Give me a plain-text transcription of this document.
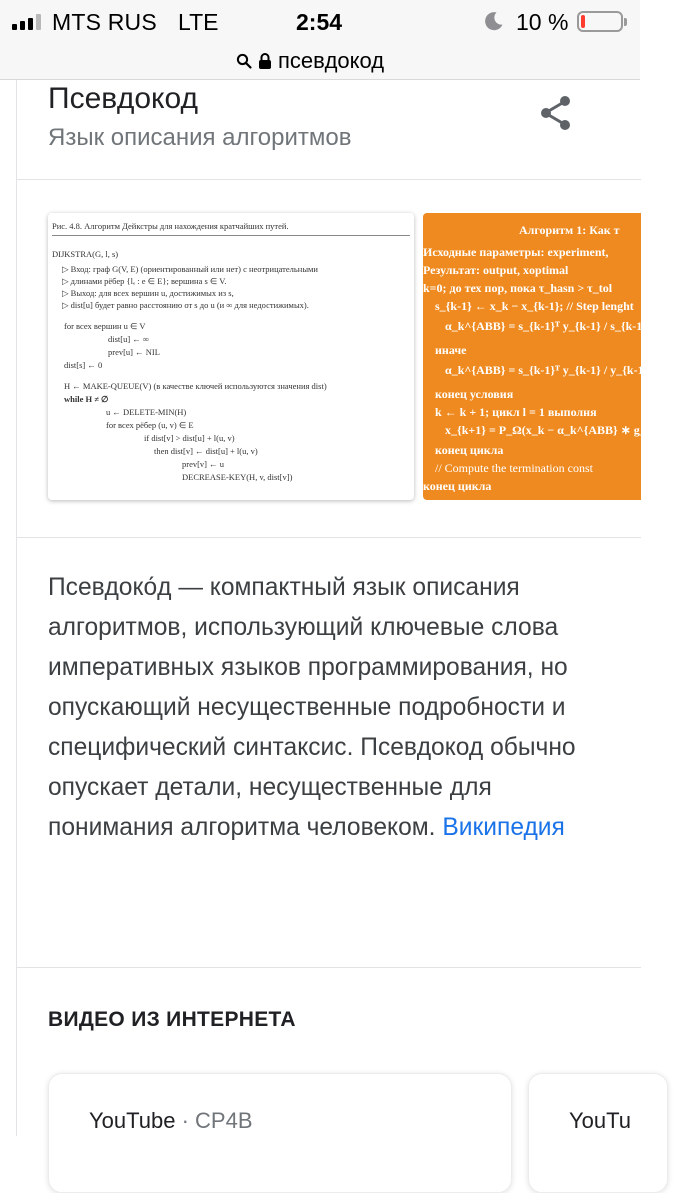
MTS RUS LTE	2:54	10 %
псевдокод
Псевдокод
Язык описания алгоритмов
Рис. 4.8. Алгоритм Дейкстры для нахождения кратчайших путей.
DIJKSTRA(G, l, s)
▷ Вход: граф G(V, E) (ориентированный или нет) с неотрицательными
▷ длинами рёбер {lₑ : e ∈ E}; вершина s ∈ V.
▷ Выход: для всех вершин u, достижимых из s,
▷ dist[u] будет равно расстоянию от s до u (и ∞ для недостижимых).
for всех вершин u ∈ V
dist[u] ← ∞
prev[u] ← NIL
dist[s] ← 0
H ← MAKE-QUEUE(V) (в качестве ключей используются значения dist)
while H ≠ ∅
u ← DELETE-MIN(H)
for всех рёбер (u, v) ∈ E
if dist[v] > dist[u] + l(u, v)
then dist[v] ← dist[u] + l(u, v)
prev[v] ← u
DECREASE-KEY(H, v, dist[v])
Алгоритм 1: Как т
Исходные параметры: experiment,
Результат: output, xoptimal
k=0; до тех пор, пока τ_hasn > τ_tol
s_{k-1} ← x_k − x_{k-1}; // Step lenght
α_k^{ABB} = s_{k-1}ᵀ y_{k-1} / s_{k-1}ᵀ s_{k-1}
иначе
α_k^{ABB} = s_{k-1}ᵀ y_{k-1} / y_{k-1}ᵀ y_{k-1}
конец условия
k ← k + 1; цикл l = 1 выполня
x_{k+1} = P_Ω(x_k − α_k^{ABB} ∗ g_k);
конец цикла
// Compute the termination const
конец цикла

Псевдоко́д — компактный язык описания алгоритмов, использующий ключевые слова императивных языков программирования, но опускающий несущественные подробности и специфический синтаксис. Псевдокод обычно опускает детали, несущественные для понимания алгоритма человеком. Википедия

ВИДЕО ИЗ ИНТЕРНЕТА
YouTube · CP4B	YouTu
